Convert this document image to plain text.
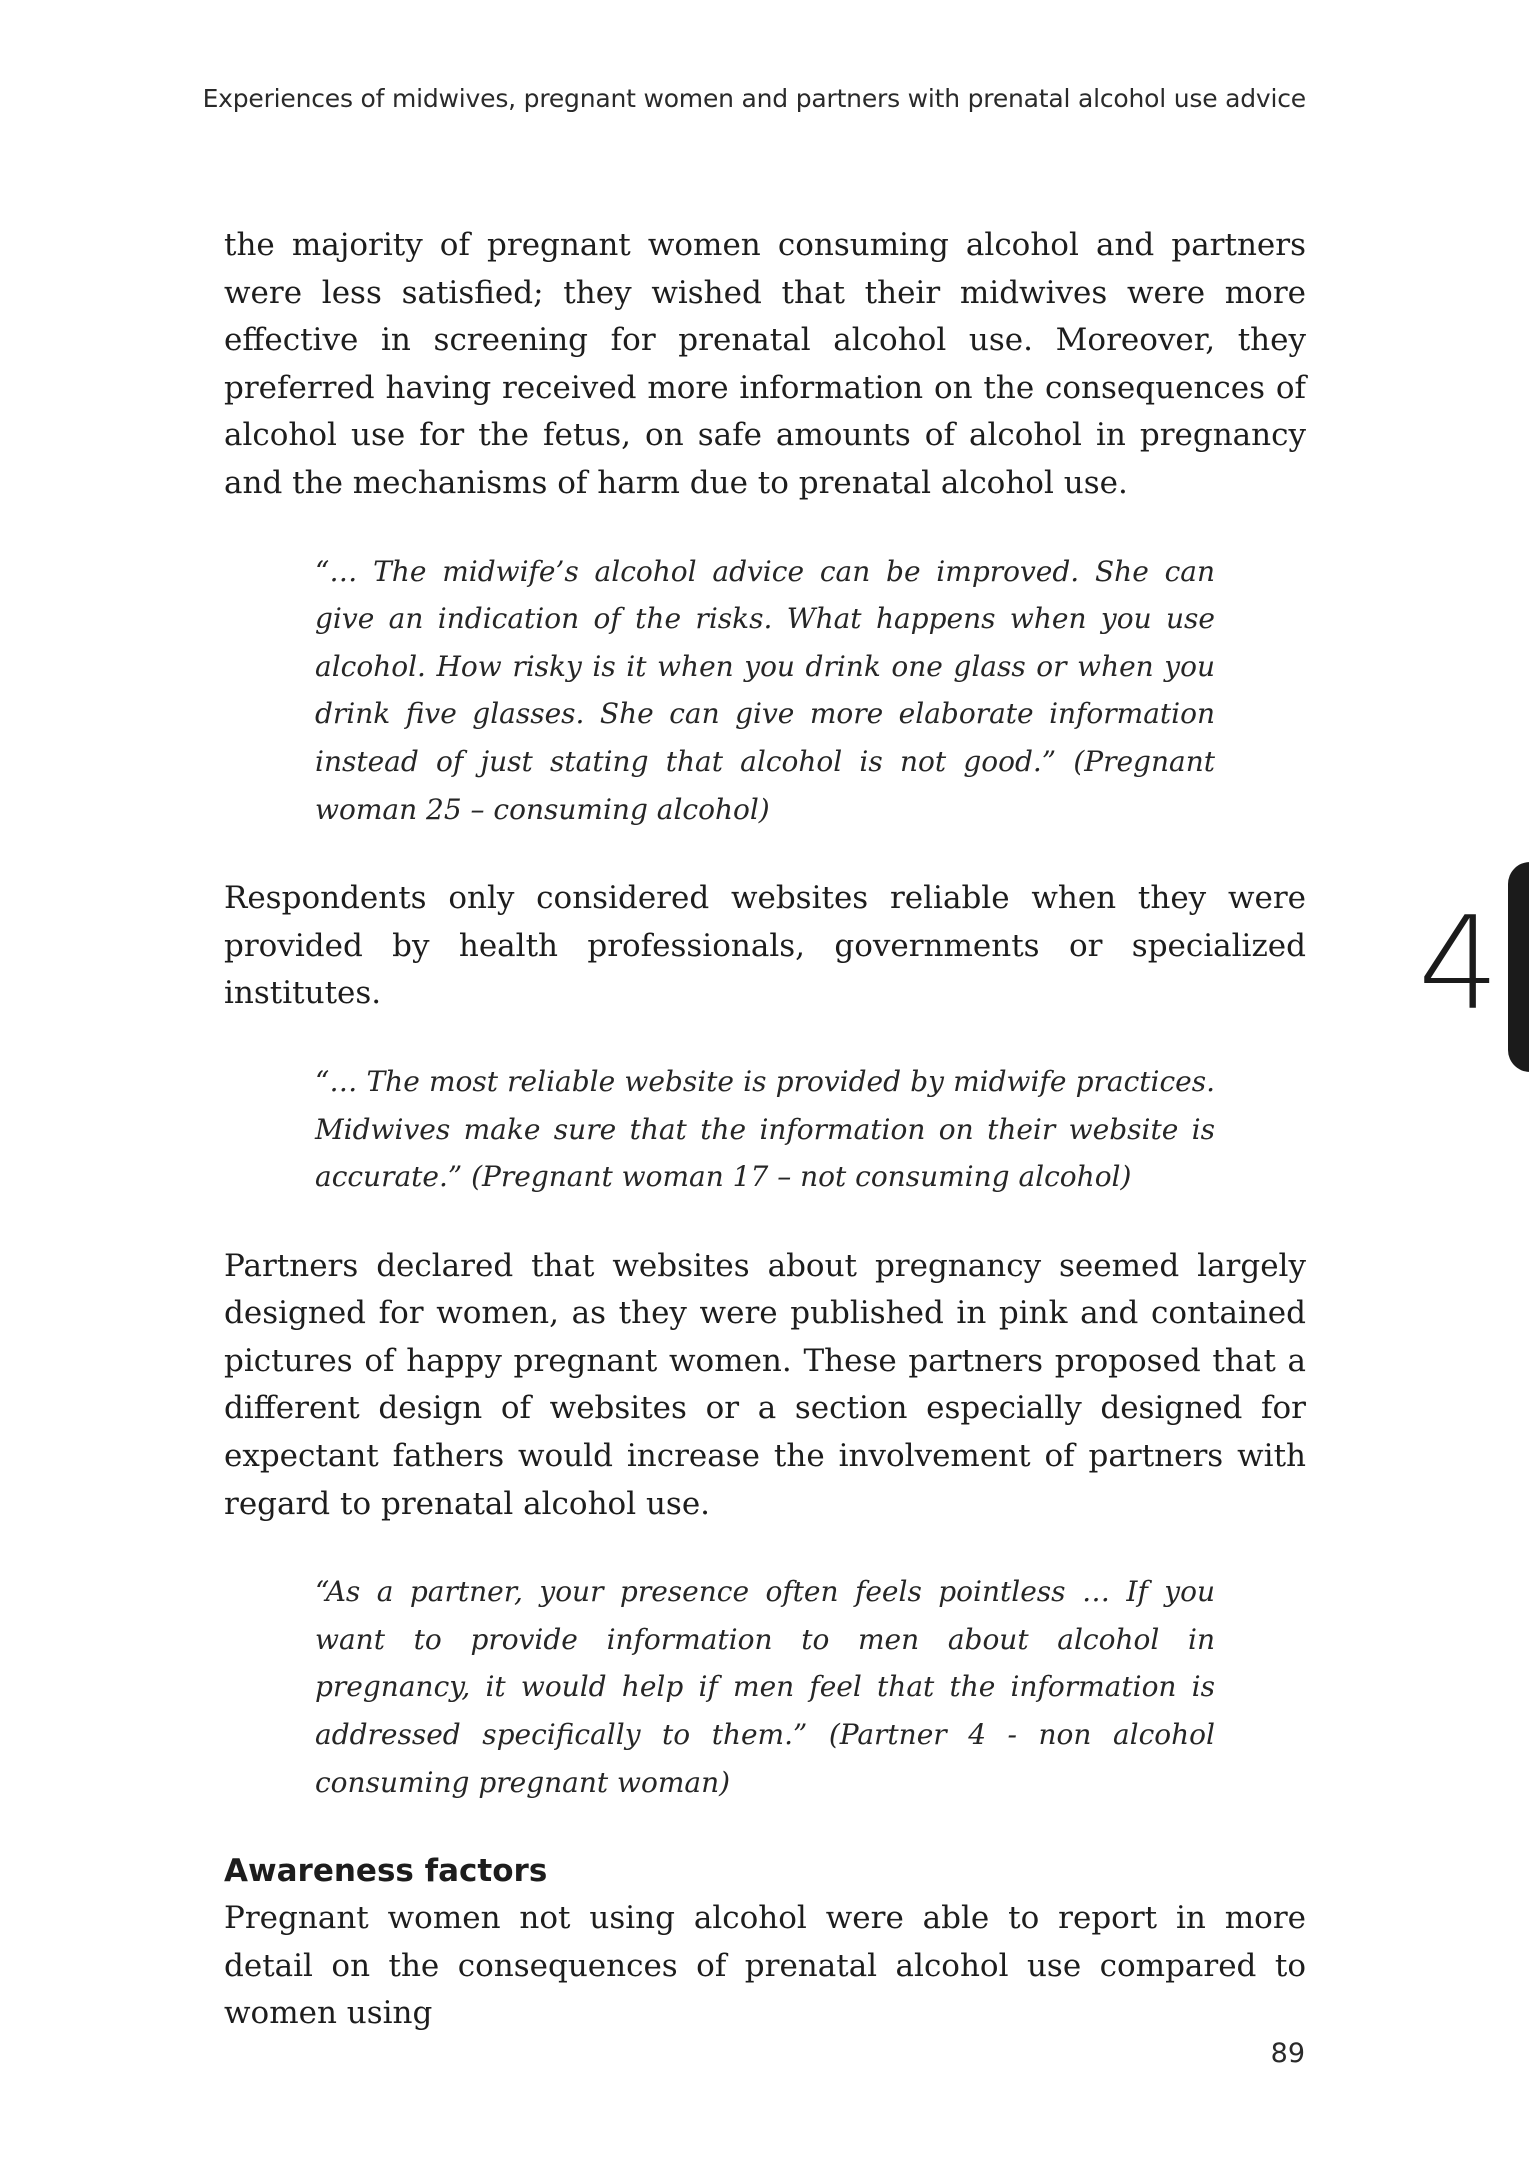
Experiences of midwives, pregnant women and partners with prenatal alcohol use advice

the majority of pregnant women consuming alcohol and partners were less satisfied; they wished that their midwives were more effective in screening for prenatal alcohol use. Moreover, they preferred having received more information on the consequences of alcohol use for the fetus, on safe amounts of alcohol in pregnancy and the mechanisms of harm due to prenatal alcohol use.

“… The midwife’s alcohol advice can be improved. She can give an indication of the risks. What happens when you use alcohol. How risky is it when you drink one glass or when you drink five glasses. She can give more elaborate information instead of just stating that alcohol is not good.” (Pregnant woman 25 – consuming alcohol)

Respondents only considered websites reliable when they were provided by health professionals, governments or specialized institutes.

“… The most reliable website is provided by midwife practices. Midwives make sure that the information on their website is accurate.” (Pregnant woman 17 – not consuming alcohol)

Partners declared that websites about pregnancy seemed largely designed for women, as they were published in pink and contained pictures of happy pregnant women. These partners proposed that a different design of websites or a section especially designed for expectant fathers would increase the involvement of partners with regard to prenatal alcohol use.

“As a partner, your presence often feels pointless … If you want to provide information to men about alcohol in pregnancy, it would help if men feel that the information is addressed specifically to them.” (Partner 4 - non alcohol consuming pregnant woman)

Awareness factors

Pregnant women not using alcohol were able to report in more detail on the consequences of prenatal alcohol use compared to women using

4
89
